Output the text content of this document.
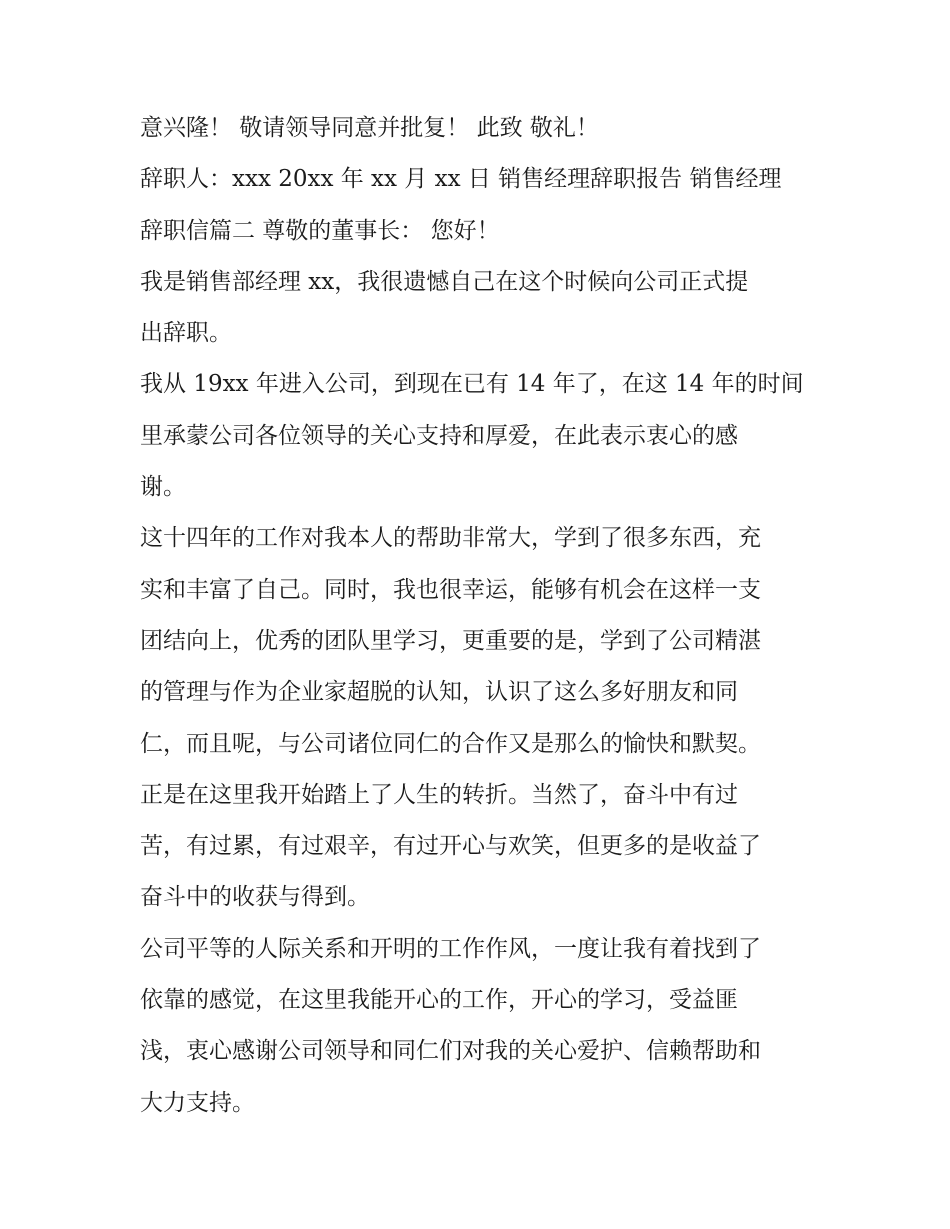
意兴隆！ 敬请领导同意并批复！ 此致 敬礼！
辞职人：xxx 20xx 年 xx 月 xx 日 销售经理辞职报告 销售经理
辞职信篇二 尊敬的董事长： 您好！
我是销售部经理 xx，我很遗憾自己在这个时候向公司正式提
出辞职。
我从 19xx 年进入公司，到现在已有 14 年了，在这 14 年的时间
里承蒙公司各位领导的关心支持和厚爱，在此表示衷心的感
谢。
这十四年的工作对我本人的帮助非常大，学到了很多东西，充
实和丰富了自己。同时，我也很幸运，能够有机会在这样一支
团结向上，优秀的团队里学习，更重要的是，学到了公司精湛
的管理与作为企业家超脱的认知，认识了这么多好朋友和同
仁，而且呢，与公司诸位同仁的合作又是那么的愉快和默契。
正是在这里我开始踏上了人生的转折。当然了，奋斗中有过
苦，有过累，有过艰辛，有过开心与欢笑，但更多的是收益了
奋斗中的收获与得到。
公司平等的人际关系和开明的工作作风，一度让我有着找到了
依靠的感觉，在这里我能开心的工作，开心的学习，受益匪
浅，衷心感谢公司领导和同仁们对我的关心爱护、信赖帮助和
大力支持。
